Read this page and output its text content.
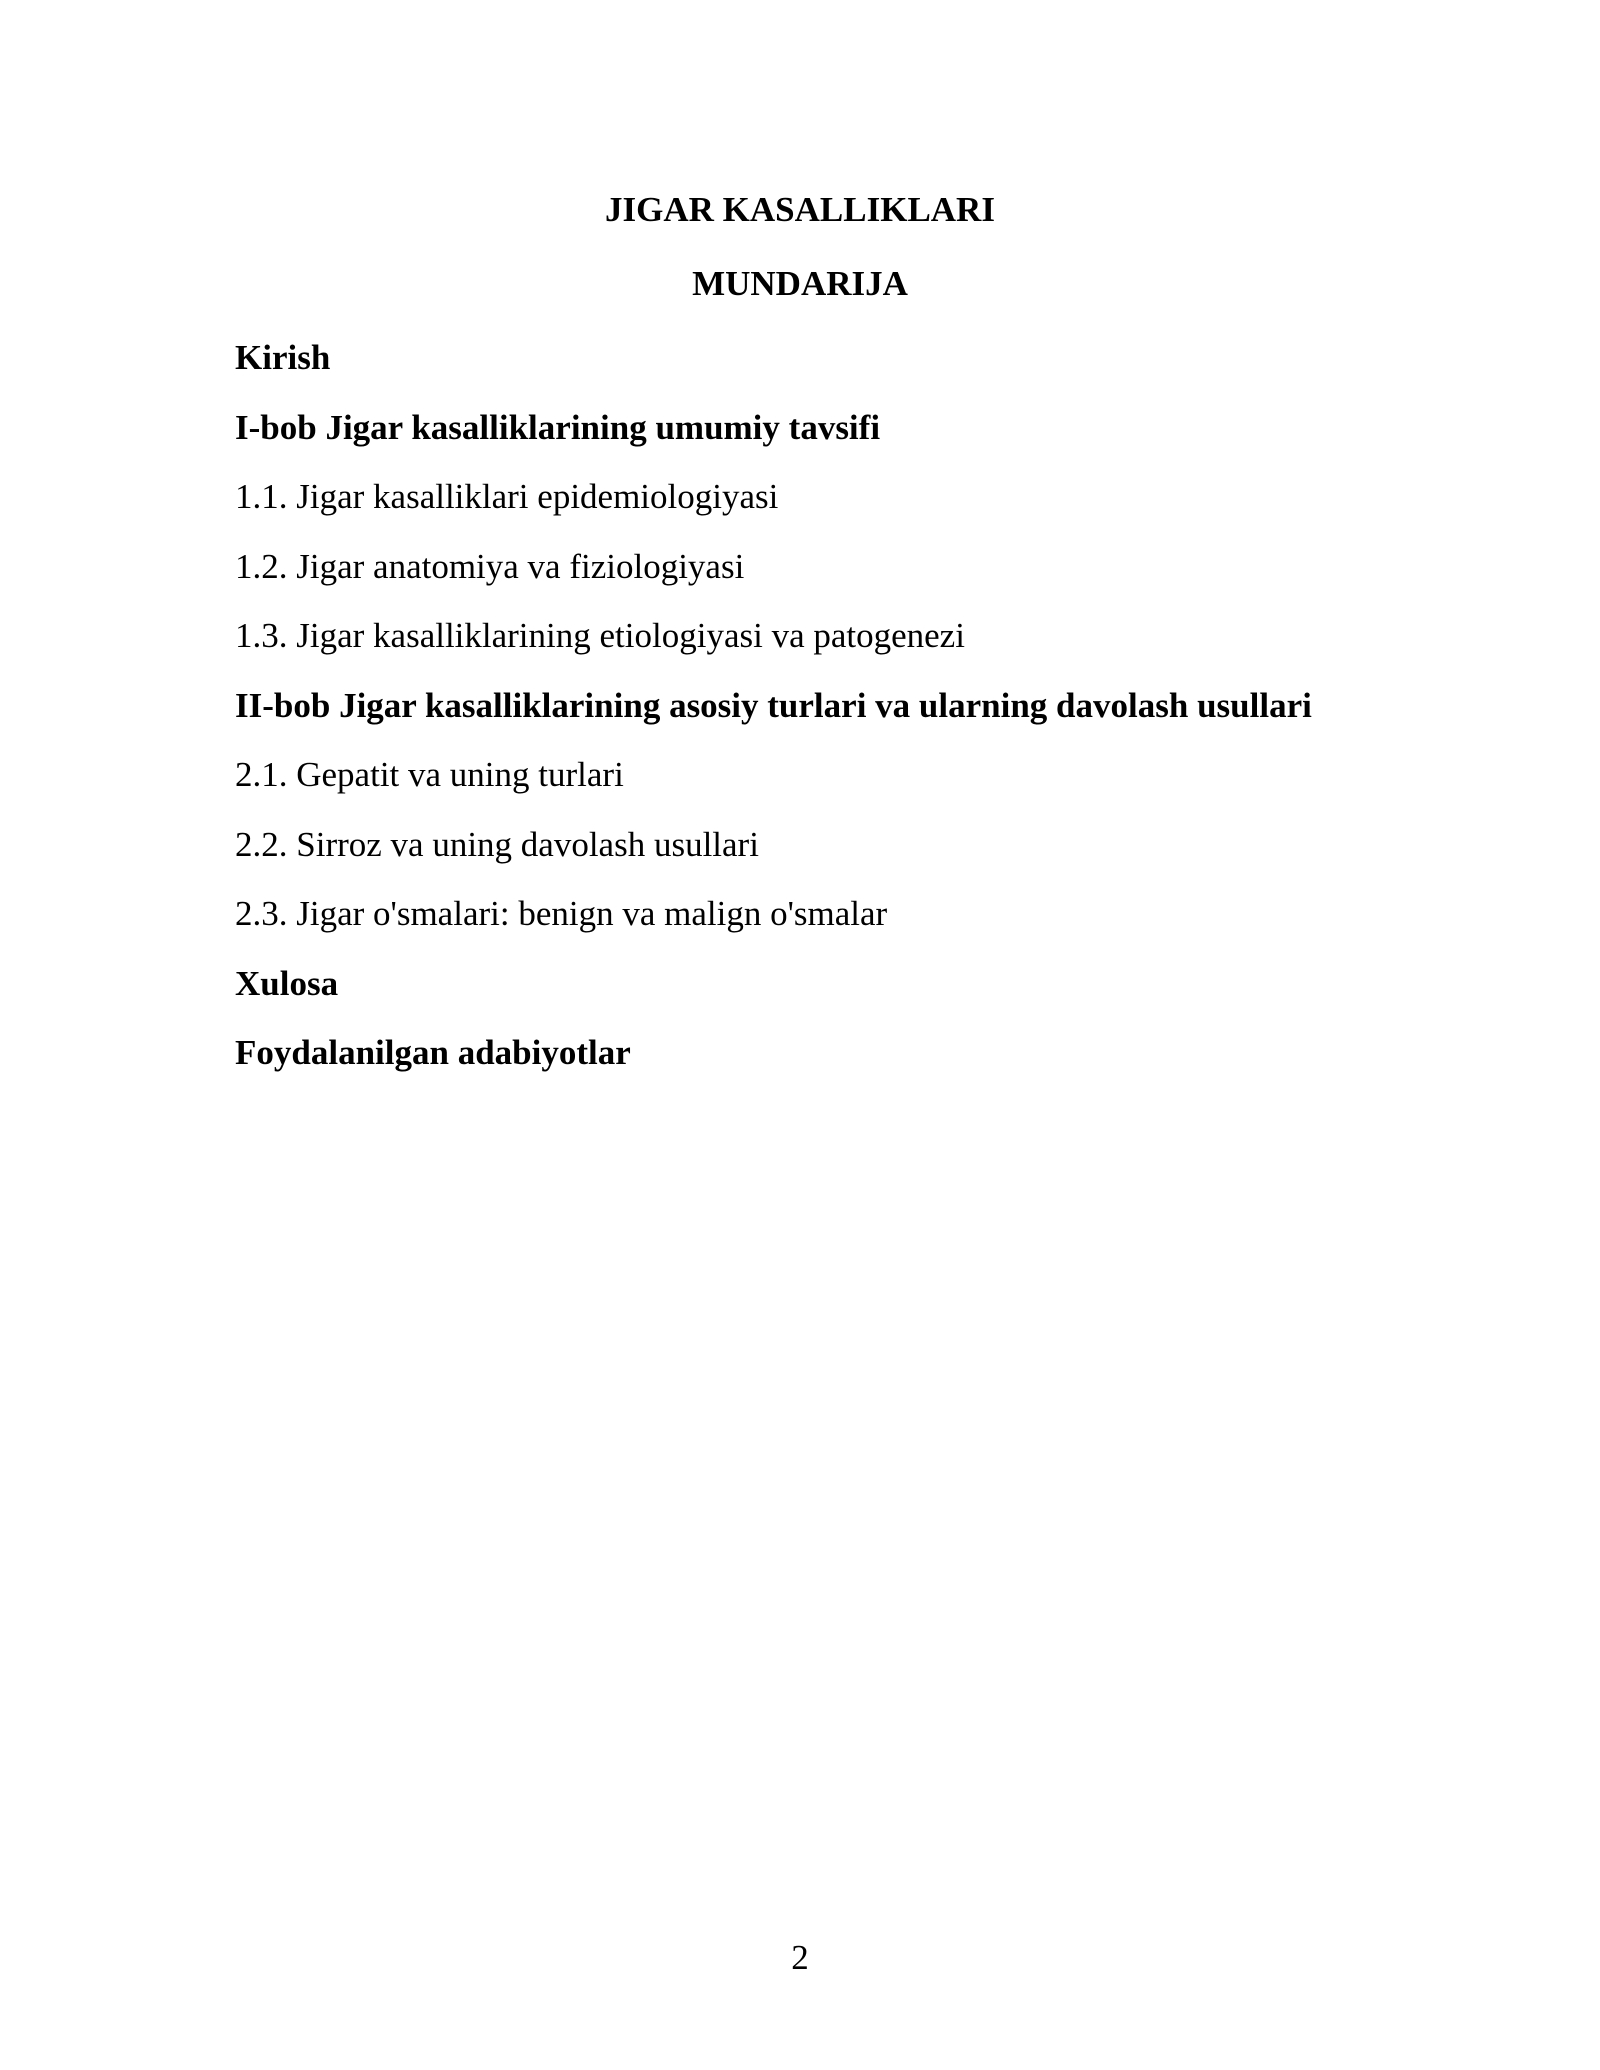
JIGAR KASALLIKLARI
MUNDARIJA
Kirish
I-bob Jigar kasalliklarining umumiy tavsifi
1.1. Jigar kasalliklari epidemiologiyasi
1.2. Jigar anatomiya va fiziologiyasi
1.3. Jigar kasalliklarining etiologiyasi va patogenezi
II-bob Jigar kasalliklarining asosiy turlari va ularning davolash usullari
2.1. Gepatit va uning turlari
2.2. Sirroz va uning davolash usullari
2.3. Jigar o'smalari: benign va malign o'smalar
Xulosa
Foydalanilgan adabiyotlar
2
